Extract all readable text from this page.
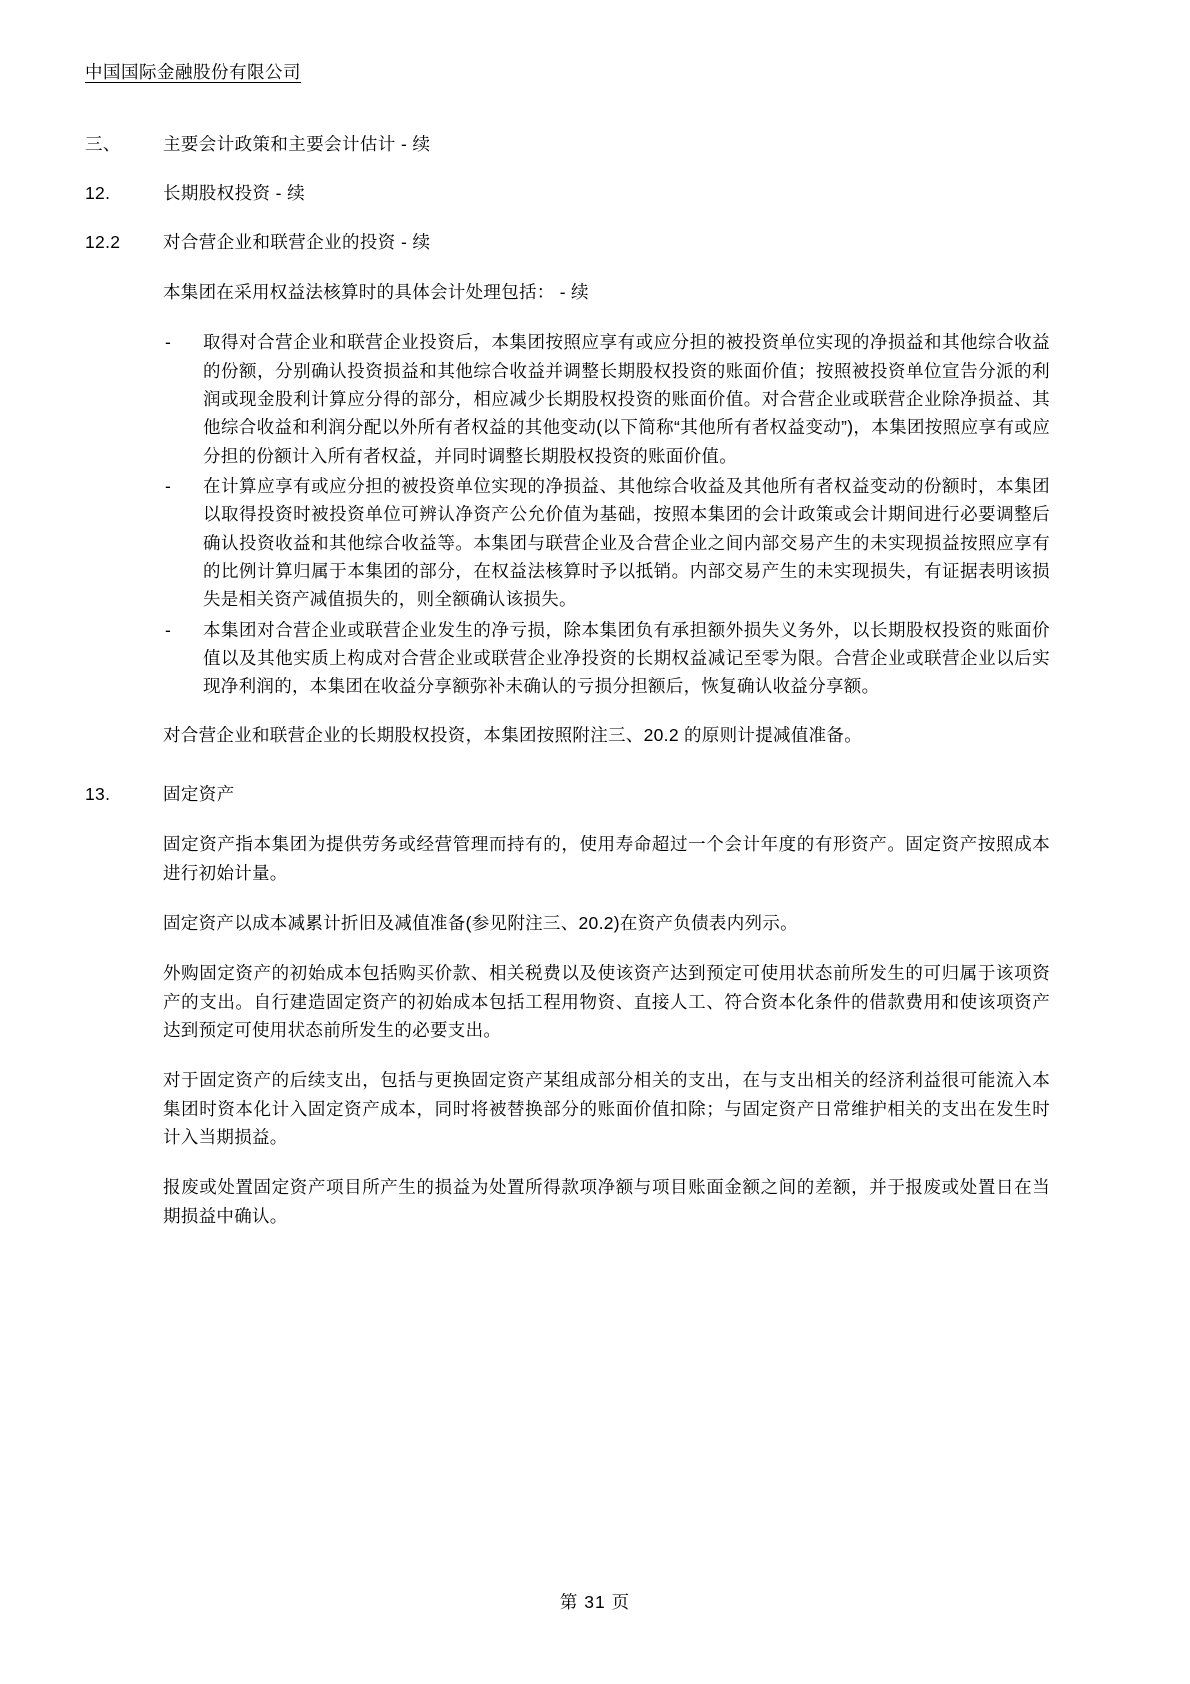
中国国际金融股份有限公司
三、	主要会计政策和主要会计估计 - 续
12.	长期股权投资 - 续
12.2	对合营企业和联营企业的投资 - 续
本集团在采用权益法核算时的具体会计处理包括： - 续
-	取得对合营企业和联营企业投资后，本集团按照应享有或应分担的被投资单位实现的净损益和其他综合收益的份额，分别确认投资损益和其他综合收益并调整长期股权投资的账面价值；按照被投资单位宣告分派的利润或现金股利计算应分得的部分，相应减少长期股权投资的账面价值。对合营企业或联营企业除净损益、其他综合收益和利润分配以外所有者权益的其他变动(以下简称“其他所有者权益变动”)，本集团按照应享有或应分担的份额计入所有者权益，并同时调整长期股权投资的账面价值。
-	在计算应享有或应分担的被投资单位实现的净损益、其他综合收益及其他所有者权益变动的份额时，本集团以取得投资时被投资单位可辨认净资产公允价值为基础，按照本集团的会计政策或会计期间进行必要调整后确认投资收益和其他综合收益等。本集团与联营企业及合营企业之间内部交易产生的未实现损益按照应享有的比例计算归属于本集团的部分，在权益法核算时予以抵销。内部交易产生的未实现损失，有证据表明该损失是相关资产减值损失的，则全额确认该损失。
-	本集团对合营企业或联营企业发生的净亏损，除本集团负有承担额外损失义务外，以长期股权投资的账面价值以及其他实质上构成对合营企业或联营企业净投资的长期权益减记至零为限。合营企业或联营企业以后实现净利润的，本集团在收益分享额弥补未确认的亏损分担额后，恢复确认收益分享额。
对合营企业和联营企业的长期股权投资，本集团按照附注三、20.2 的原则计提减值准备。
13.	固定资产
固定资产指本集团为提供劳务或经营管理而持有的，使用寿命超过一个会计年度的有形资产。固定资产按照成本进行初始计量。
固定资产以成本减累计折旧及减值准备(参见附注三、20.2)在资产负债表内列示。
外购固定资产的初始成本包括购买价款、相关税费以及使该资产达到预定可使用状态前所发生的可归属于该项资产的支出。自行建造固定资产的初始成本包括工程用物资、直接人工、符合资本化条件的借款费用和使该项资产达到预定可使用状态前所发生的必要支出。
对于固定资产的后续支出，包括与更换固定资产某组成部分相关的支出，在与支出相关的经济利益很可能流入本集团时资本化计入固定资产成本，同时将被替换部分的账面价值扣除；与固定资产日常维护相关的支出在发生时计入当期损益。
报废或处置固定资产项目所产生的损益为处置所得款项净额与项目账面金额之间的差额，并于报废或处置日在当期损益中确认。
第 31 页
